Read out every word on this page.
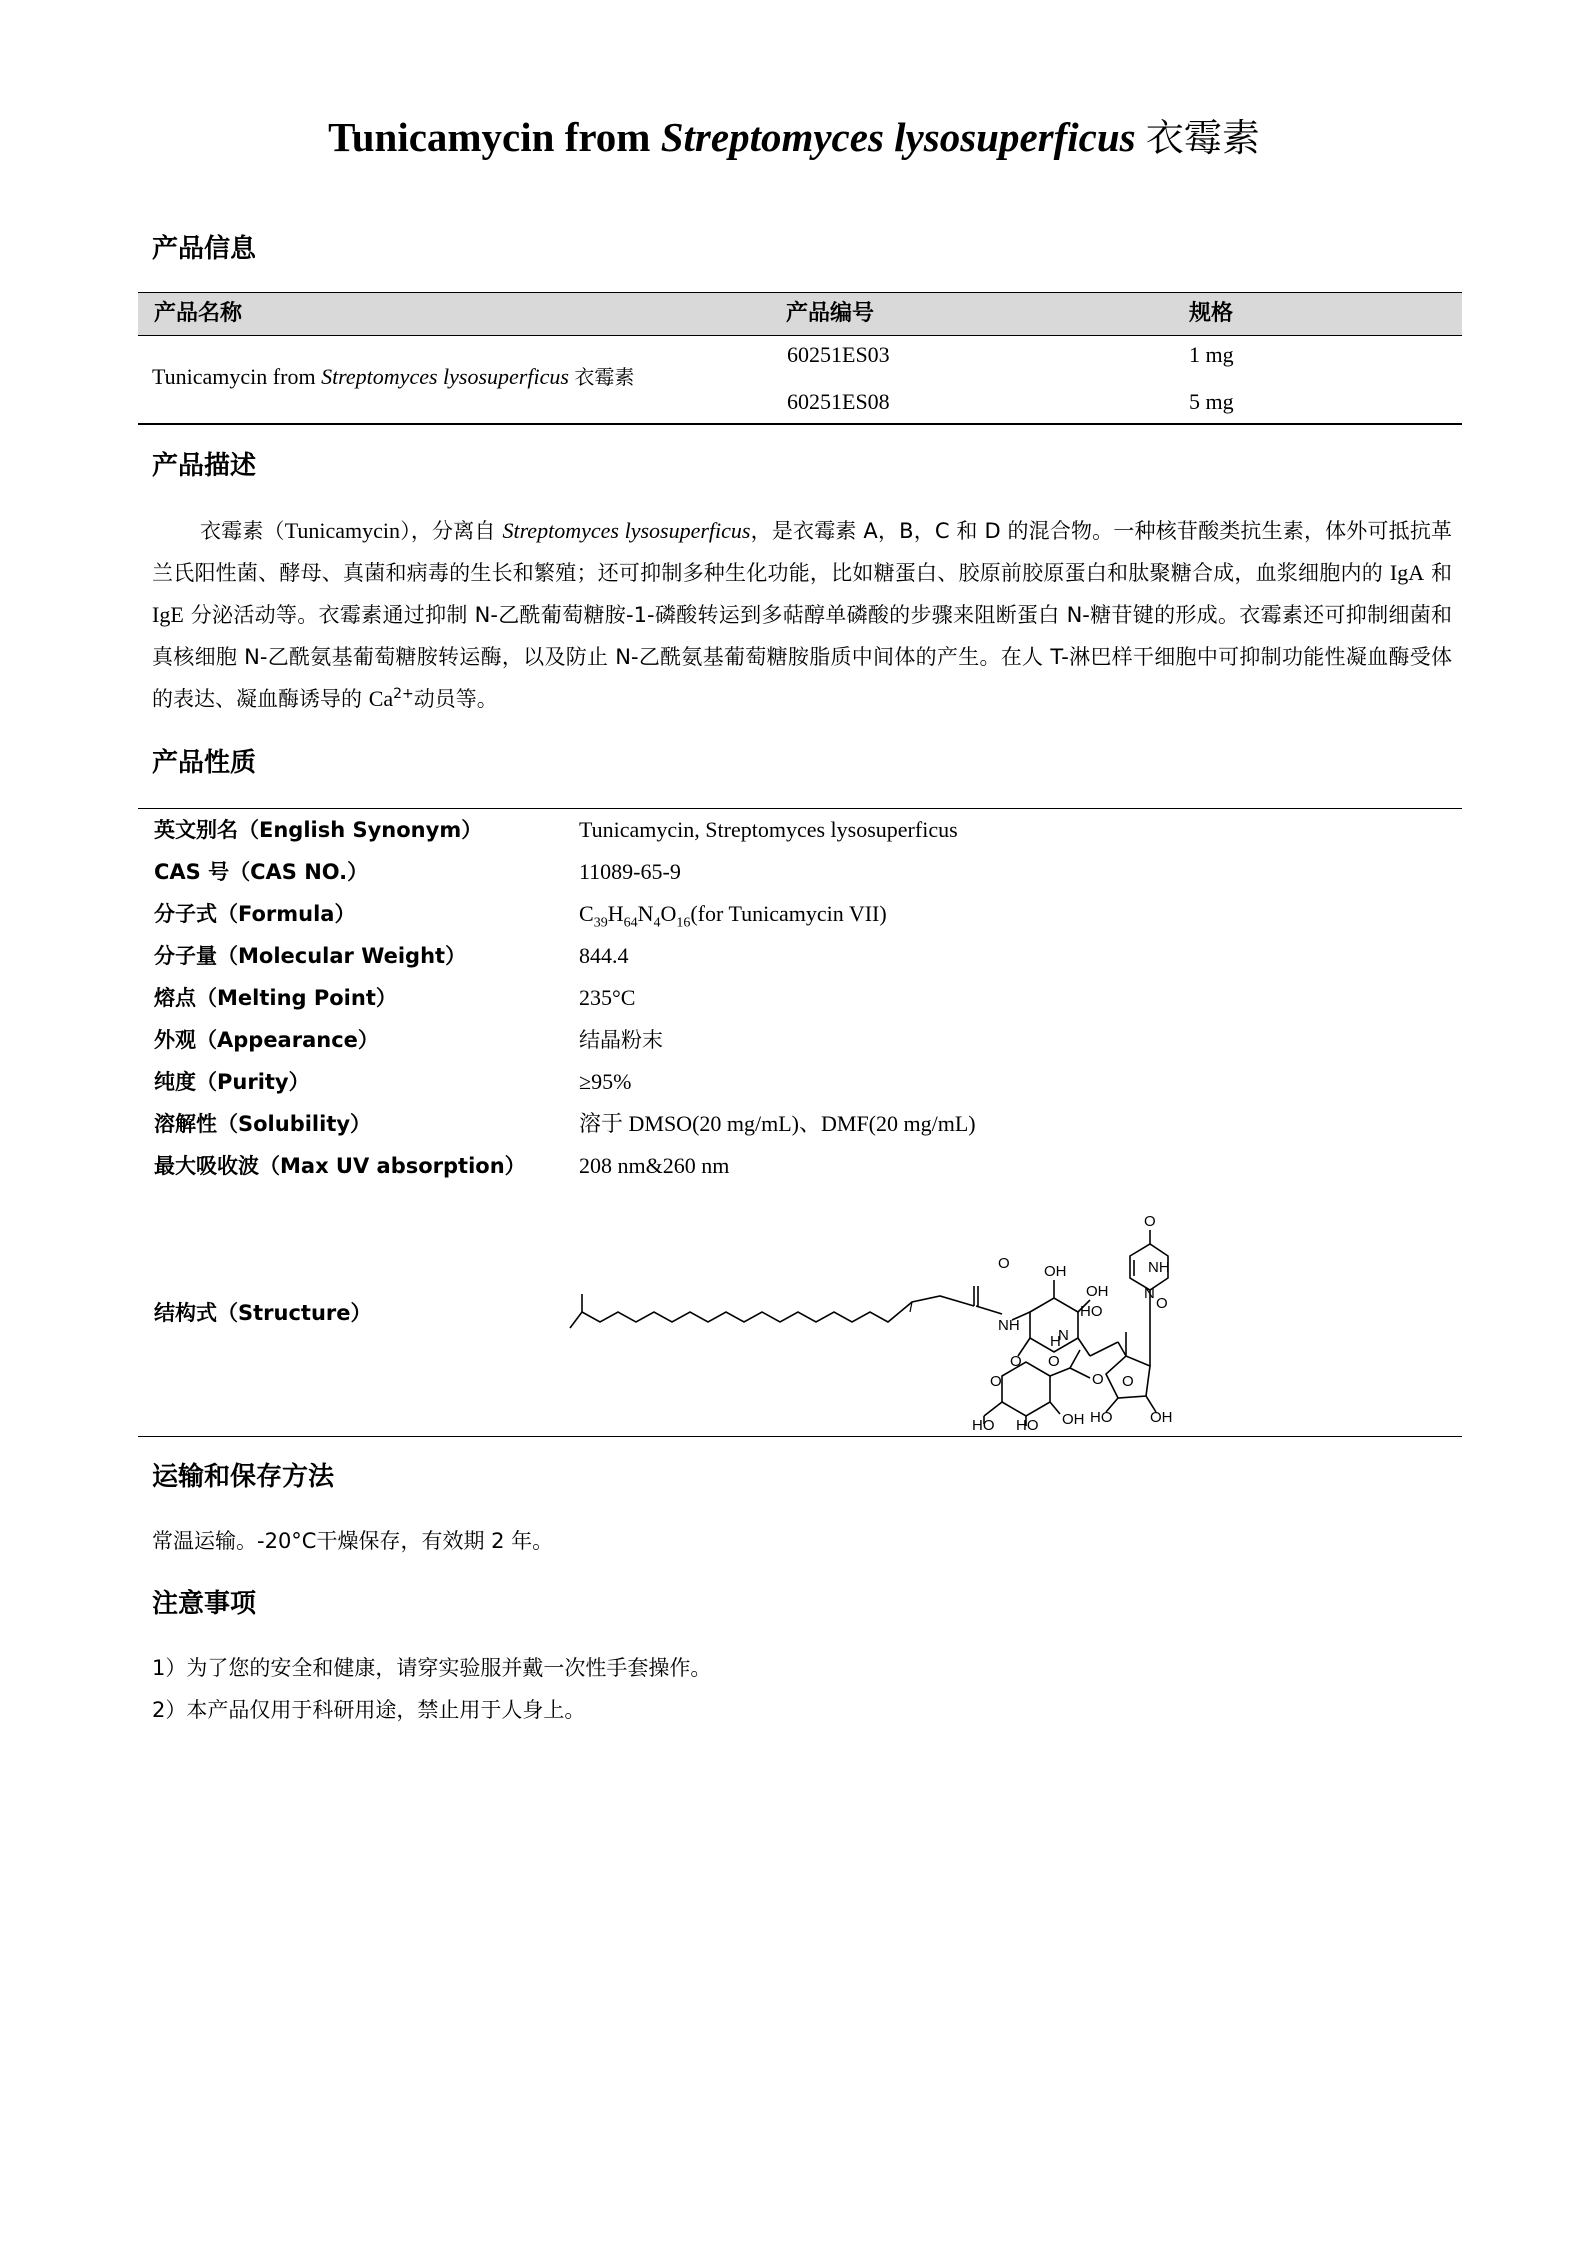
Tunicamycin from Streptomyces lysosuperficus 衣霉素
产品信息
产品名称	产品编号	规格
Tunicamycin from Streptomyces lysosuperficus 衣霉素
60251ES03	1 mg
60251ES08	5 mg
产品描述
衣霉素（Tunicamycin），分离自 Streptomyces lysosuperficus，是衣霉素 A，B，C 和 D 的混合物。一种核苷酸类抗生素，体外可抵抗革兰氏阳性菌、酵母、真菌和病毒的生长和繁殖；还可抑制多种生化功能，比如糖蛋白、胶原前胶原蛋白和肽聚糖合成，血浆细胞内的 IgA 和 IgE 分泌活动等。衣霉素通过抑制 N-乙酰葡萄糖胺-1-磷酸转运到多萜醇单磷酸的步骤来阻断蛋白 N-糖苷键的形成。衣霉素还可抑制细菌和真核细胞 N-乙酰氨基葡萄糖胺转运酶，以及防止 N-乙酰氨基葡萄糖胺脂质中间体的产生。在人 T-淋巴样干细胞中可抑制功能性凝血酶受体的表达、凝血酶诱导的 $Ca^{2+}$动员等。
产品性质
英文别名（English Synonym）	Tunicamycin, Streptomyces lysosuperficus
CAS 号（CAS NO.）	11089-65-9
分子式（Formula）	$C_{39}H_{64}N_4O_{16}(for$ Tunicamycin VII)
分子量（Molecular Weight）	844.4
熔点（Melting Point）	235°C
外观（Appearance）	结晶粉末
纯度（Purity）	≥95%
溶解性（Solubility）	溶于 DMSO(20 mg/mL)、DMF(20 mg/mL)
最大吸收波（Max UV absorption） 208 nm&260 nm
结构式（Structure）
O
NH
OH
OH
HO
O
H
O
O
N
O
OH
HO HO
O
HO	OH
O
NH
N
O
运输和保存方法
常温运输。-20°C干燥保存，有效期 2 年。
注意事项
1）为了您的安全和健康，请穿实验服并戴一次性手套操作。
2）本产品仅用于科研用途，禁止用于人身上。
